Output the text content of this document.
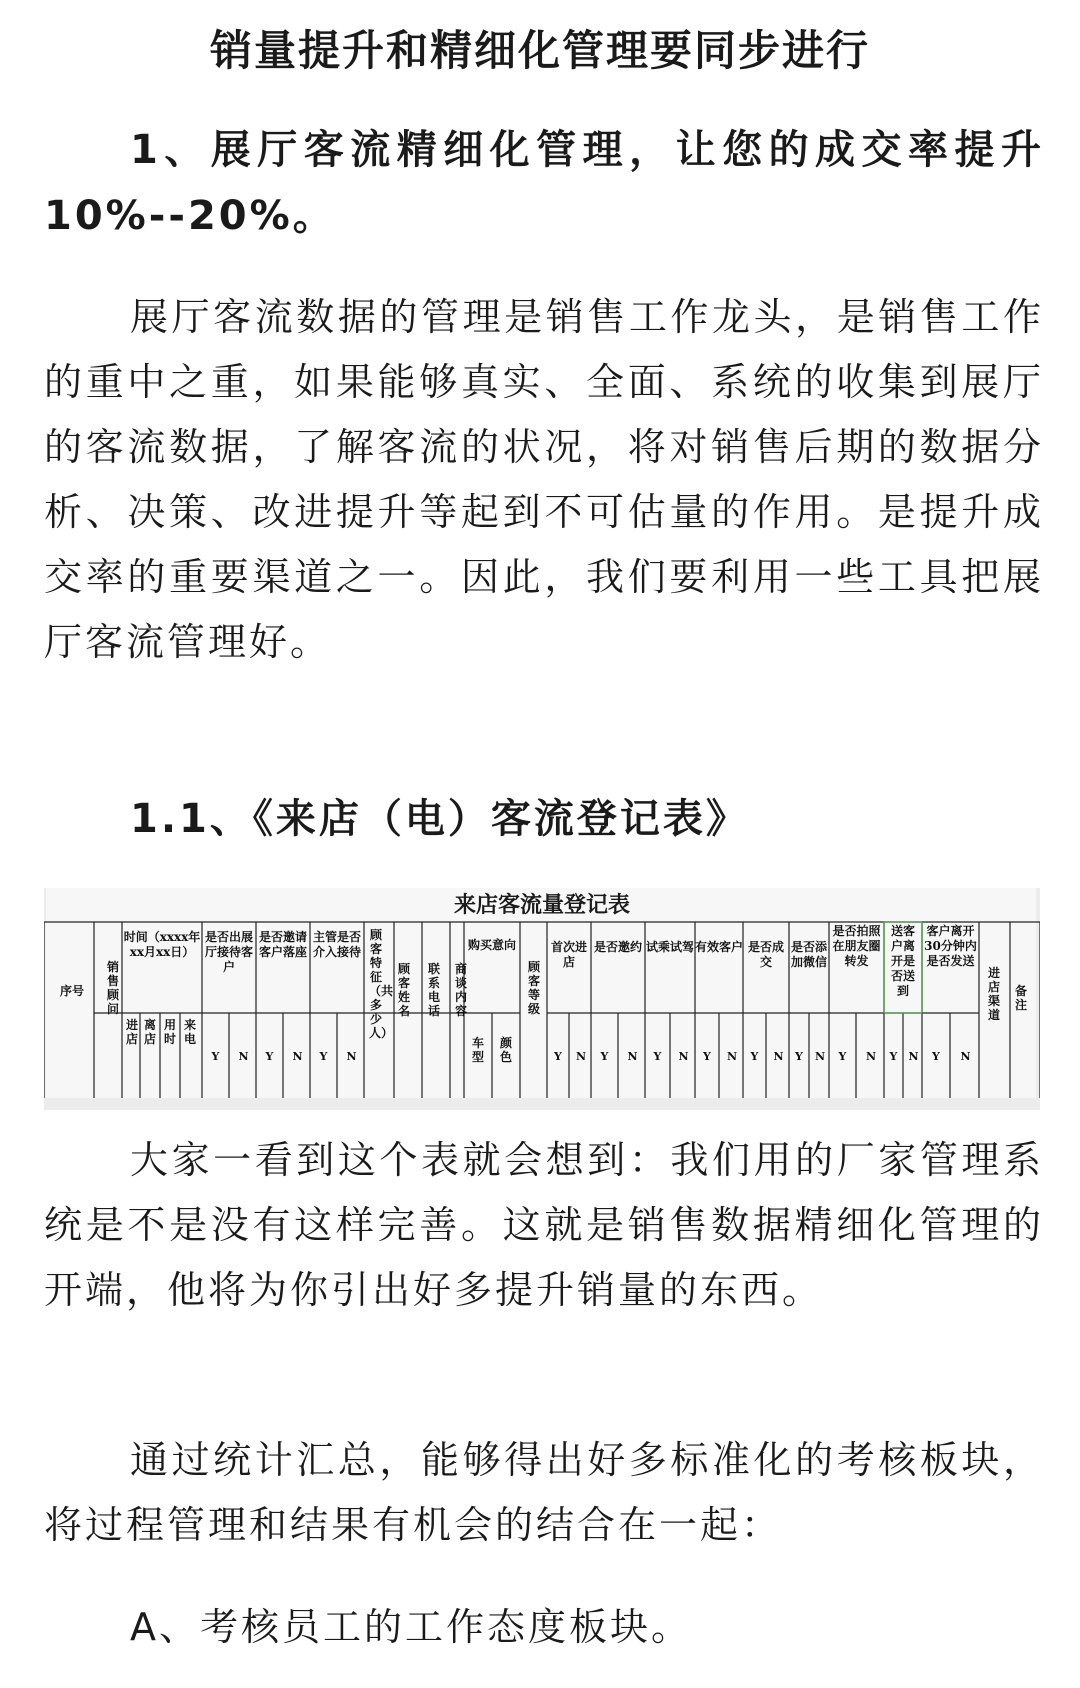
销量提升和精细化管理要同步进行
1、展厅客流精细化管理，让您的成交率提升10%--20%。
展厅客流数据的管理是销售工作龙头，是销售工作的重中之重，如果能够真实、全面、系统的收集到展厅的客流数据，了解客流的状况，将对销售后期的数据分析、决策、改进提升等起到不可估量的作用。是提升成交率的重要渠道之一。因此，我们要利用一些工具把展厅客流管理好。
1.1、《来店（电）客流登记表》
来店客流量登记表
序号
销售顾问
时间（xxxx年xx月xx日）
进店
离店
用时
来电
是否出展厅接待客户
是否邀请客户落座
主管是否介入接待
顾客特征（共多少人）
顾客姓名
联系电话
商谈内容
购买意向
车型
颜色
顾客等级
首次进店
是否邀约 试乘试驾 有效客户 是否成交
是否添加微信
是否拍照在朋友圈转发
送客户离开是否送到
客户离开30分钟内是否发送
进店渠道
备注
Y N Y N Y N	Y N Y N Y N Y N Y N Y N Y N Y N Y N
大家一看到这个表就会想到：我们用的厂家管理系统是不是没有这样完善。这就是销售数据精细化管理的开端，他将为你引出好多提升销量的东西。
通过统计汇总，能够得出好多标准化的考核板块，将过程管理和结果有机会的结合在一起：
A、考核员工的工作态度板块。
